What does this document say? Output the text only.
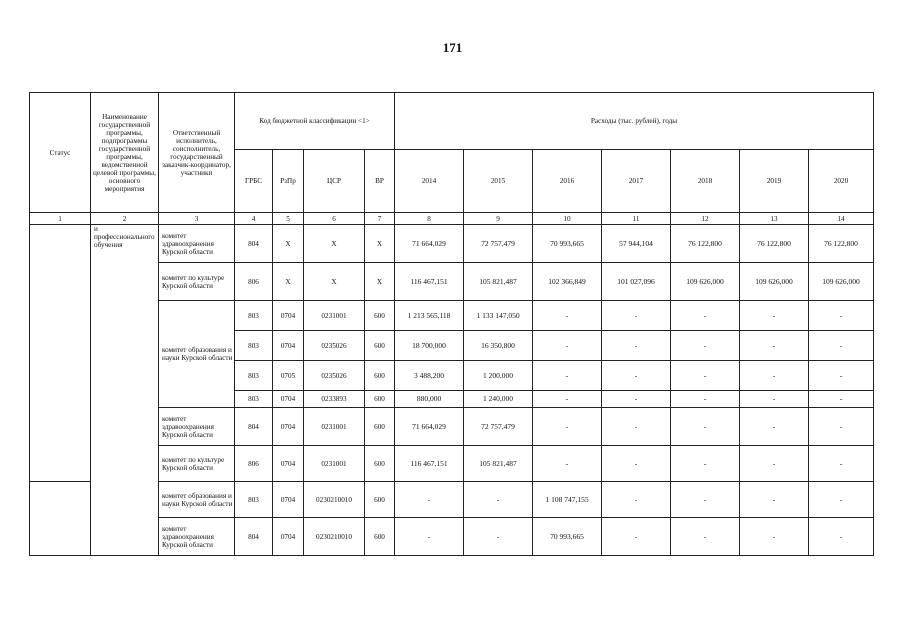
171
Статус	Наименование государственной программы, подпрограммы государственной программы, ведомственной целевой программы, основного мероприятия	Ответственный исполнитель, соисполнитель, государственный заказчик-координатор, участники	Код бюджетной классификации <1>				Расходы (тыс. рублей), годы						
			ГРБС	РзПр	ЦСР	ВР	2014	2015	2016	2017	2018	2019	2020
1	2	3	4	5	6	7	8	9	10	11	12	13	14
	и профессионального обучения	комитет здравоохранения Курской области	804	X	X	X	71 664,029	72 757,479	70 993,665	57 944,104	76 122,800	76 122,800	76 122,800
		комитет по культуре Курской области	806	X	X	X	116 467,151	105 821,487	102 366,849	101 027,096	109 626,000	109 626,000	109 626,000
		комитет образования и науки Курской области	803	0704	0231001	600	1 213 565,118	1 133 147,050	-	-	-	-	-
			803	0704	0235026	600	18 700,000	16 350,800	-	-	-	-	-
			803	0705	0235026	600	3 488,200	1 200,000	-	-	-	-	-
			803	0704	0233893	600	880,000	1 240,000	-	-	-	-	-
		комитет здравоохранения Курской области	804	0704	0231001	600	71 664,029	72 757,479	-	-	-	-	-
		комитет по культуре Курской области	806	0704	0231001	600	116 467,151	105 821,487	-	-	-	-	-
		комитет образования и науки Курской области	803	0704	0230210010	600	-	-	1 108 747,155	-	-	-	-
		комитет здравоохранения Курской области	804	0704	0230210010	600	-	-	70 993,665	-	-	-	-
